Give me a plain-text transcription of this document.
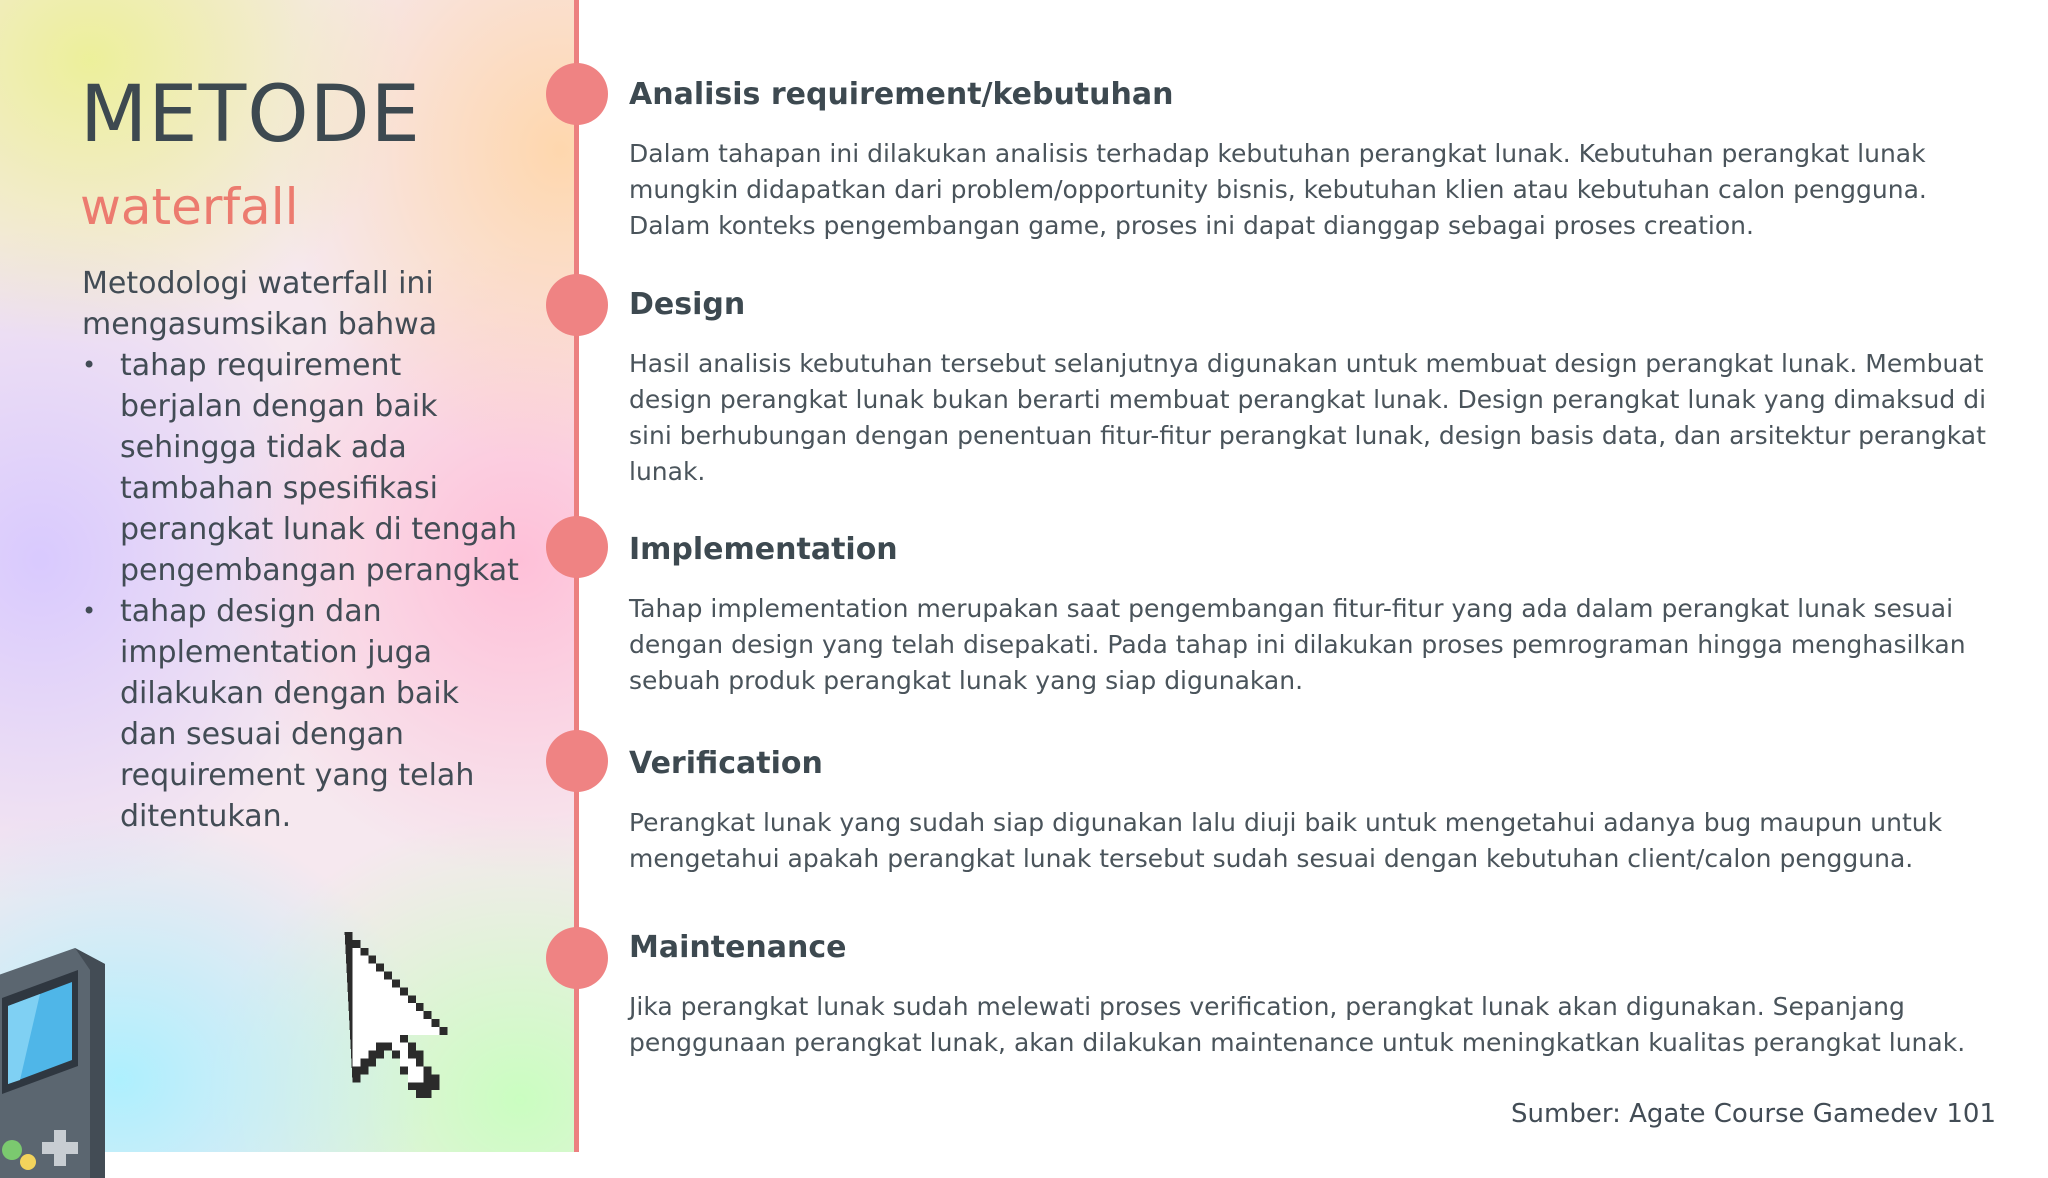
METODE
waterfall
Metodologi waterfall ini mengasumsikan bahwa
• tahap requirement berjalan dengan baik sehingga tidak ada tambahan spesifikasi perangkat lunak di tengah pengembangan perangkat
• tahap design dan implementation juga dilakukan dengan baik dan sesuai dengan requirement yang telah ditentukan.
Analisis requirement/kebutuhan

Dalam tahapan ini dilakukan analisis terhadap kebutuhan perangkat lunak. Kebutuhan perangkat lunak mungkin didapatkan dari problem/opportunity bisnis, kebutuhan klien atau kebutuhan calon pengguna. Dalam konteks pengembangan game, proses ini dapat dianggap sebagai proses creation.

Design

Hasil analisis kebutuhan tersebut selanjutnya digunakan untuk membuat design perangkat lunak. Membuat design perangkat lunak bukan berarti membuat perangkat lunak. Design perangkat lunak yang dimaksud di sini berhubungan dengan penentuan fitur-fitur perangkat lunak, design basis data, dan arsitektur perangkat lunak.

Implementation

Tahap implementation merupakan saat pengembangan fitur-fitur yang ada dalam perangkat lunak sesuai dengan design yang telah disepakati. Pada tahap ini dilakukan proses pemrograman hingga menghasilkan sebuah produk perangkat lunak yang siap digunakan.

Verification

Perangkat lunak yang sudah siap digunakan lalu diuji baik untuk mengetahui adanya bug maupun untuk mengetahui apakah perangkat lunak tersebut sudah sesuai dengan kebutuhan client/calon pengguna.

Maintenance

Jika perangkat lunak sudah melewati proses verification, perangkat lunak akan digunakan. Sepanjang penggunaan perangkat lunak, akan dilakukan maintenance untuk meningkatkan kualitas perangkat lunak.

Sumber: Agate Course Gamedev 101
